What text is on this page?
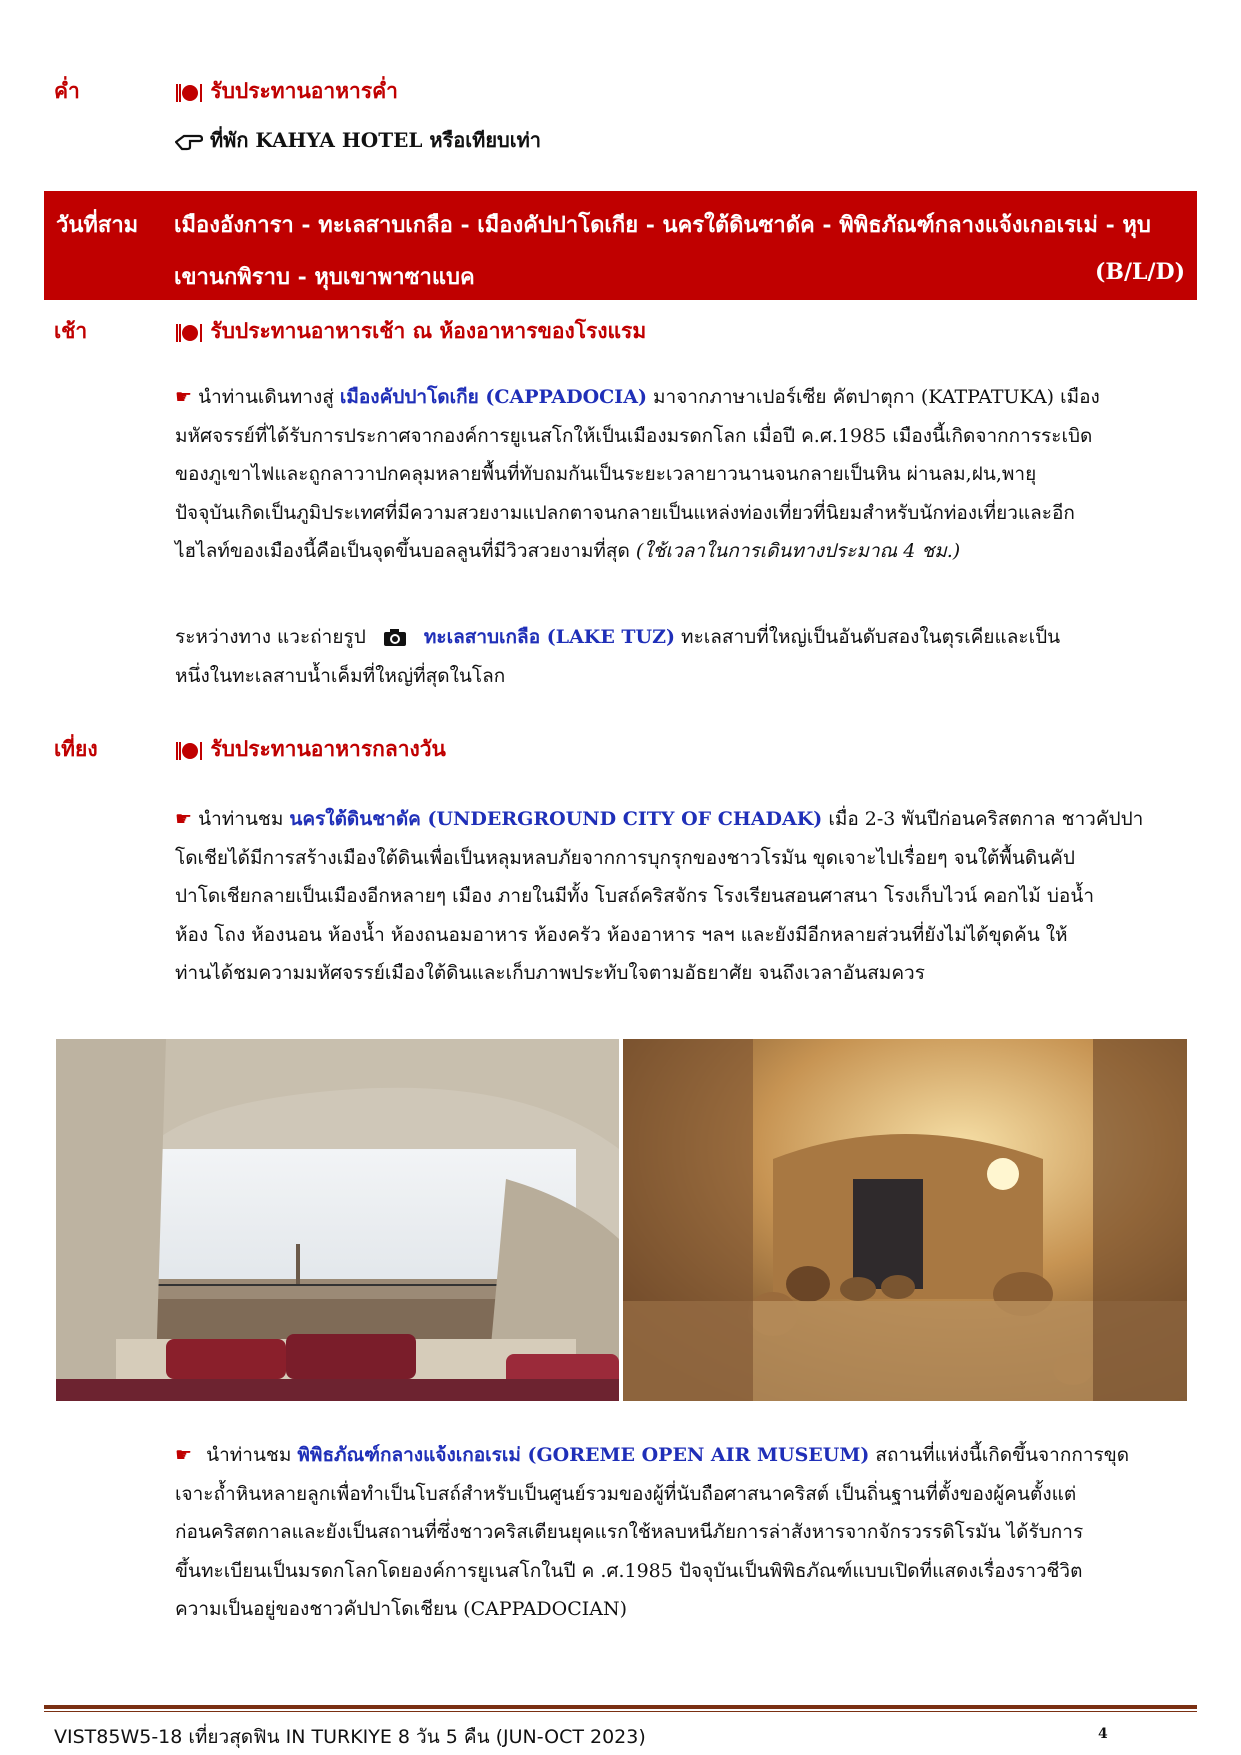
ค่ำ	รับประทานอาหารค่ำ
ที่พัก KAHYA HOTEL หรือเทียบเท่า
วันที่สาม เมืองอังการา - ทะเลสาบเกลือ - เมืองคัปปาโดเกีย - นครใต้ดินซาดัค - พิพิธภัณฑ์กลางแจ้งเกอเรเม่ - หุบ
เขานกพิราบ - หุบเขาพาซาแบค	(B/L/D)
เช้า	รับประทานอาหารเช้า ณ ห้องอาหารของโรงแรม
☛ นำท่านเดินทางสู่ เมืองคัปปาโดเกีย (CAPPADOCIA) มาจากภาษาเปอร์เซีย คัตปาตุกา (KATPATUKA) เมือง
มหัศจรรย์ที่ได้รับการประกาศจากองค์การยูเนสโกให้เป็นเมืองมรดกโลก เมื่อปี ค.ศ.1985 เมืองนี้เกิดจากการระเบิด
ของภูเขาไฟและถูกลาวาปกคลุมหลายพื้นที่ทับถมกันเป็นระยะเวลายาวนานจนกลายเป็นหิน ผ่านลม,ฝน,พายุ
ปัจจุบันเกิดเป็นภูมิประเทศที่มีความสวยงามแปลกตาจนกลายเป็นแหล่งท่องเที่ยวที่นิยมสำหรับนักท่องเที่ยวและอีก
ไฮไลท์ของเมืองนี้คือเป็นจุดขึ้นบอลลูนที่มีวิวสวยงามที่สุด (ใช้เวลาในการเดินทางประมาณ 4 ชม.)
ระหว่างทาง แวะถ่ายรูป	ทะเลสาบเกลือ (LAKE TUZ) ทะเลสาบที่ใหญ่เป็นอันดับสองในตุรเคียและเป็น
หนึ่งในทะเลสาบน้ำเค็มที่ใหญ่ที่สุดในโลก
เที่ยง	รับประทานอาหารกลางวัน
☛ นำท่านชม นครใต้ดินชาดัค (UNDERGROUND CITY OF CHADAK) เมื่อ 2-3 พันปีก่อนคริสตกาล ชาวคัปปา
โดเชียได้มีการสร้างเมืองใต้ดินเพื่อเป็นหลุมหลบภัยจากการบุกรุกของชาวโรมัน ขุดเจาะไปเรื่อยๆ จนใต้พื้นดินคัป
ปาโดเชียกลายเป็นเมืองอีกหลายๆ เมือง ภายในมีทั้ง โบสถ์คริสจักร โรงเรียนสอนศาสนา โรงเก็บไวน์ คอกไม้ บ่อน้ำ
ห้อง โถง ห้องนอน ห้องน้ำ ห้องถนอมอาหาร ห้องครัว ห้องอาหาร ฯลฯ และยังมีอีกหลายส่วนที่ยังไม่ได้ขุดค้น ให้
ท่านได้ชมความมหัศจรรย์เมืองใต้ดินและเก็บภาพประทับใจตามอัธยาศัย จนถึงเวลาอันสมควร
☛ นำท่านชม พิพิธภัณฑ์กลางแจ้งเกอเรเม่ (GOREME OPEN AIR MUSEUM) สถานที่แห่งนี้เกิดขึ้นจากการขุด
เจาะถ้ำหินหลายลูกเพื่อทำเป็นโบสถ์สำหรับเป็นศูนย์รวมของผู้ที่นับถือศาสนาคริสต์ เป็นถิ่นฐานที่ตั้งของผู้คนตั้งแต่
ก่อนคริสตกาลและยังเป็นสถานที่ซึ่งชาวคริสเตียนยุคแรกใช้หลบหนีภัยการล่าสังหารจากจักรวรรดิโรมัน ได้รับการ
ขึ้นทะเบียนเป็นมรดกโลกโดยองค์การยูเนสโกในปี ค .ศ.1985 ปัจจุบันเป็นพิพิธภัณฑ์แบบเปิดที่แสดงเรื่องราวชีวิต
ความเป็นอยู่ของชาวคัปปาโดเชียน (CAPPADOCIAN)
VIST85W5-18 เที่ยวสุดฟิน IN TURKIYE 8 วัน 5 คืน (JUN-OCT 2023)	4
